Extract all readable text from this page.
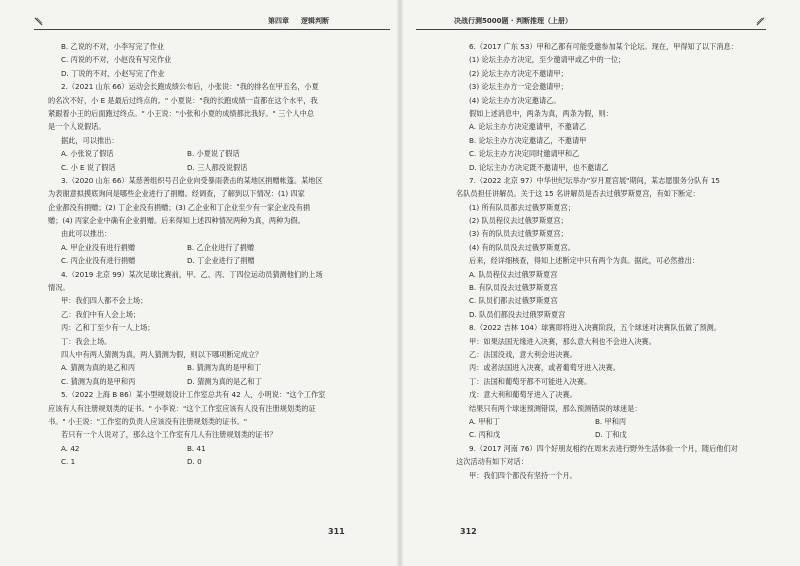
第四章 逻辑判断
B. 乙说的不对，小李写完了作业
C. 丙说的不对，小赵没有写完作业
D. 丁说的不对，小赵写完了作业
2.（2021 山东 66）运动会长跑成绩公布后，小张说："我的排名在甲五名，小夏
的名次不好，小 E 是最后过终点的。" 小夏说："我的长跑成绩一直都在这个水平，我
紧跟着小王的后面跑过终点。" 小王说："小张和小夏的成绩都比我好。" 三个人中总
是一个人说假话。
据此，可以推出：
A. 小张说了假话	B. 小夏说了假话
C. 小 E 说了假话	D. 三人都没说假话
3.（2020 山东 66）某慈善组织号召企业向受暴雨袭击的某地区捐赠帐篷。某地区
为表谢意拟摸底询问是哪些企业进行了捐赠。经调查，了解到以下情况：(1) 四家
企业都没有捐赠；(2) 丁企业没有捐赠；(3) 乙企业和丁企业至少有一家企业没有捐
赠；(4) 丙家企业中确有企业捐赠。后来得知上述四种情况两种为真，两种为假。
由此可以推出：
A. 甲企业没有进行捐赠	B. 乙企业进行了捐赠
C. 丙企业没有进行捐赠	D. 丁企业进行了捐赠
4.（2019 北京 99）某次足球比赛前，甲、乙、丙、丁四位运动员猜测他们的上场
情况。
甲：我们四人都不会上场；
乙：我们中有人会上场；
丙：乙和丁至少有一人上场；
丁：我会上场。
四人中有两人猜测为真，两人猜测为假，则以下哪项断定成立？
A. 猜测为真的是乙和丙	B. 猜测为真的是甲和丁
C. 猜测为真的是甲和丙	D. 猜测为真的是乙和丁
5.（2022 上海 B 86）某小型规划设计工作室总共有 42 人，小明说："这个工作室
应该有人有注册规划类的证书。" 小李说："这个工作室应该有人没有注册规划类的证
书。" 小王说："工作室的负责人应该没有注册规划类的证书。"
若只有一个人说对了，那么这个工作室有几人有注册规划类的证书？
A. 42	B. 41
C. 1	D. 0
311
决战行测5000题 · 判断推理（上册）
6.（2017 广东 53）甲和乙都有可能受邀参加某个论坛。现在，甲得知了以下消息：
(1) 论坛主办方决定，至少邀请甲或乙中的一位；
(2) 论坛主办方决定不邀请甲；
(3) 论坛主办方一定会邀请甲；
(4) 论坛主办方决定邀请乙。
假如上述消息中，两条为真，两条为假，则：
A. 论坛主办方决定邀请甲，不邀请乙
B. 论坛主办方决定邀请乙，不邀请甲
C. 论坛主办方决定同时邀请甲和乙
D. 论坛主办方决定既不邀请甲，也不邀请乙
7.（2022 北京 97）中华世纪坛举办"岁月夏宫展"期间，某志愿服务分队有 15
名队员担任讲解员。关于这 15 名讲解员是否去过俄罗斯夏宫，有如下断定：
(1) 所有队员都去过俄罗斯夏宫；
(2) 队员程仪去过俄罗斯夏宫；
(3) 有的队员去过俄罗斯夏宫；
(4) 有的队员没去过俄罗斯夏宫。
后来，经详细核查，得知上述断定中只有两个为真。据此，可必然推出：
A. 队员程仪去过俄罗斯夏宫
B. 有队员没去过俄罗斯夏宫
C. 队员们都去过俄罗斯夏宫
D. 队员们都没去过俄罗斯夏宫
8.（2022 吉林 104）球赛即将进入决赛阶段，五个球迷对决赛队伍做了预测。
甲：如果法国无缘进入决赛，那么意大利也不会进入决赛。
乙：法国没戏，意大利会进决赛。
丙：或者法国进入决赛，或者葡萄牙进入决赛。
丁：法国和葡萄牙都不可能进入决赛。
戊：意大利和葡萄牙进入了决赛。
结果只有两个球迷预测错误，那么预测错误的球迷是：
A. 甲和丁	B. 甲和丙
C. 丙和戊	D. 丁和戊
9.（2017 河南 76）四个好朋友相约在周末去进行野外生活体验一个月，随后他们对
这次活动有如下对话：
甲：我们四个都没有坚持一个月。
312
